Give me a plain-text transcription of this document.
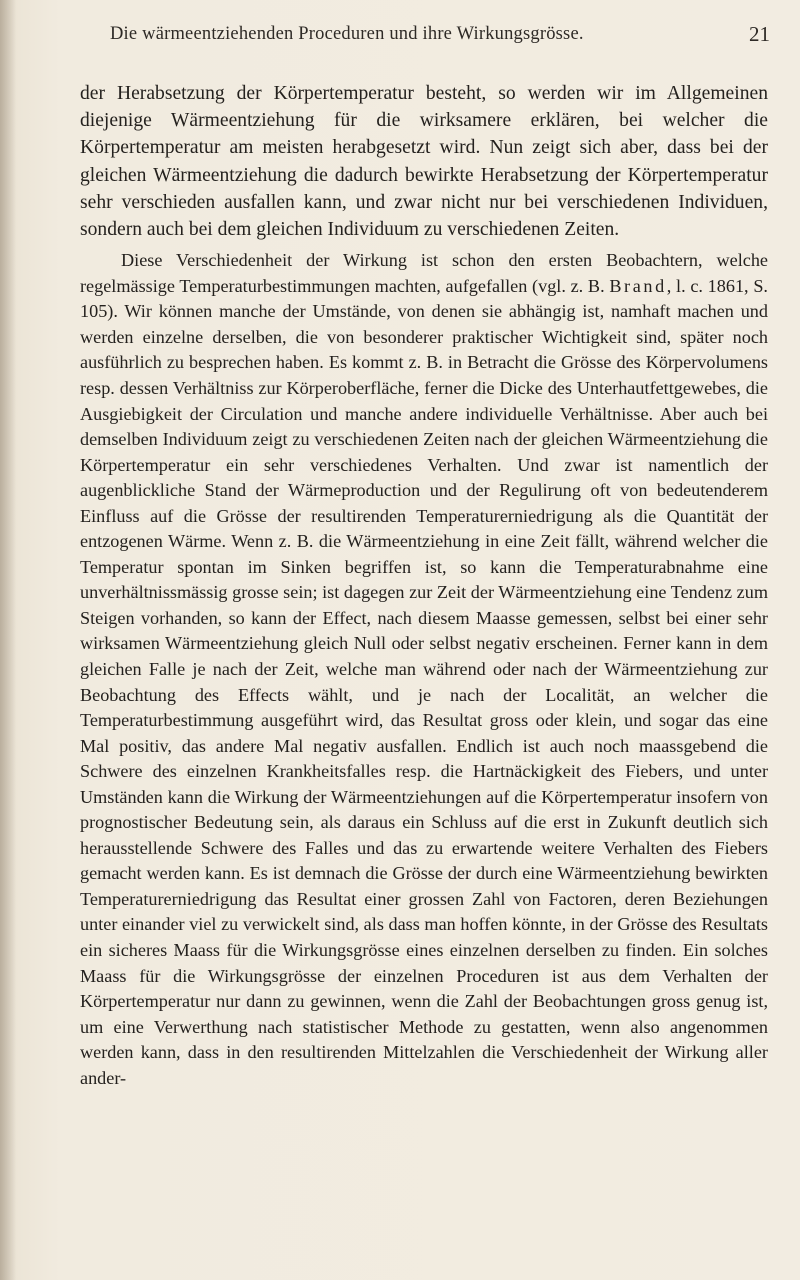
Die wärmeentziehenden Proceduren und ihre Wirkungsgrösse.	21

der Herabsetzung der Körpertemperatur besteht, so werden wir im Allgemeinen diejenige Wärmeentziehung für die wirksamere erklären, bei welcher die Körpertemperatur am meisten herabgesetzt wird. Nun zeigt sich aber, dass bei der gleichen Wärmeentziehung die dadurch bewirkte Herabsetzung der Körpertemperatur sehr verschieden ausfallen kann, und zwar nicht nur bei verschiedenen Individuen, sondern auch bei dem gleichen Individuum zu verschiedenen Zeiten.

Diese Verschiedenheit der Wirkung ist schon den ersten Beobachtern, welche regelmässige Temperaturbestimmungen machten, aufgefallen (vgl. z. B. Brand, l. c. 1861, S. 105). Wir können manche der Umstände, von denen sie abhängig ist, namhaft machen und werden einzelne derselben, die von besonderer praktischer Wichtigkeit sind, später noch ausführlich zu besprechen haben. Es kommt z. B. in Betracht die Grösse des Körpervolumens resp. dessen Verhältniss zur Körperoberfläche, ferner die Dicke des Unterhautfettgewebes, die Ausgiebigkeit der Circulation und manche andere individuelle Verhältnisse. Aber auch bei demselben Individuum zeigt zu verschiedenen Zeiten nach der gleichen Wärmeentziehung die Körpertemperatur ein sehr verschiedenes Verhalten. Und zwar ist namentlich der augenblickliche Stand der Wärmeproduction und der Regulirung oft von bedeutenderem Einfluss auf die Grösse der resultirenden Temperaturerniedrigung als die Quantität der entzogenen Wärme. Wenn z. B. die Wärmeentziehung in eine Zeit fällt, während welcher die Temperatur spontan im Sinken begriffen ist, so kann die Temperaturabnahme eine unverhältnissmässig grosse sein; ist dagegen zur Zeit der Wärmeentziehung eine Tendenz zum Steigen vorhanden, so kann der Effect, nach diesem Maasse gemessen, selbst bei einer sehr wirksamen Wärmeentziehung gleich Null oder selbst negativ erscheinen. Ferner kann in dem gleichen Falle je nach der Zeit, welche man während oder nach der Wärmeentziehung zur Beobachtung des Effects wählt, und je nach der Localität, an welcher die Temperaturbestimmung ausgeführt wird, das Resultat gross oder klein, und sogar das eine Mal positiv, das andere Mal negativ ausfallen. Endlich ist auch noch maassgebend die Schwere des einzelnen Krankheitsfalles resp. die Hartnäckigkeit des Fiebers, und unter Umständen kann die Wirkung der Wärmeentziehungen auf die Körpertemperatur insofern von prognostischer Bedeutung sein, als daraus ein Schluss auf die erst in Zukunft deutlich sich herausstellende Schwere des Falles und das zu erwartende weitere Verhalten des Fiebers gemacht werden kann. Es ist demnach die Grösse der durch eine Wärmeentziehung bewirkten Temperaturerniedrigung das Resultat einer grossen Zahl von Factoren, deren Beziehungen unter einander viel zu verwickelt sind, als dass man hoffen könnte, in der Grösse des Resultats ein sicheres Maass für die Wirkungsgrösse eines einzelnen derselben zu finden. Ein solches Maass für die Wirkungsgrösse der einzelnen Proceduren ist aus dem Verhalten der Körpertemperatur nur dann zu gewinnen, wenn die Zahl der Beobachtungen gross genug ist, um eine Verwerthung nach statistischer Methode zu gestatten, wenn also angenommen werden kann, dass in den resultirenden Mittelzahlen die Verschiedenheit der Wirkung aller ander-
